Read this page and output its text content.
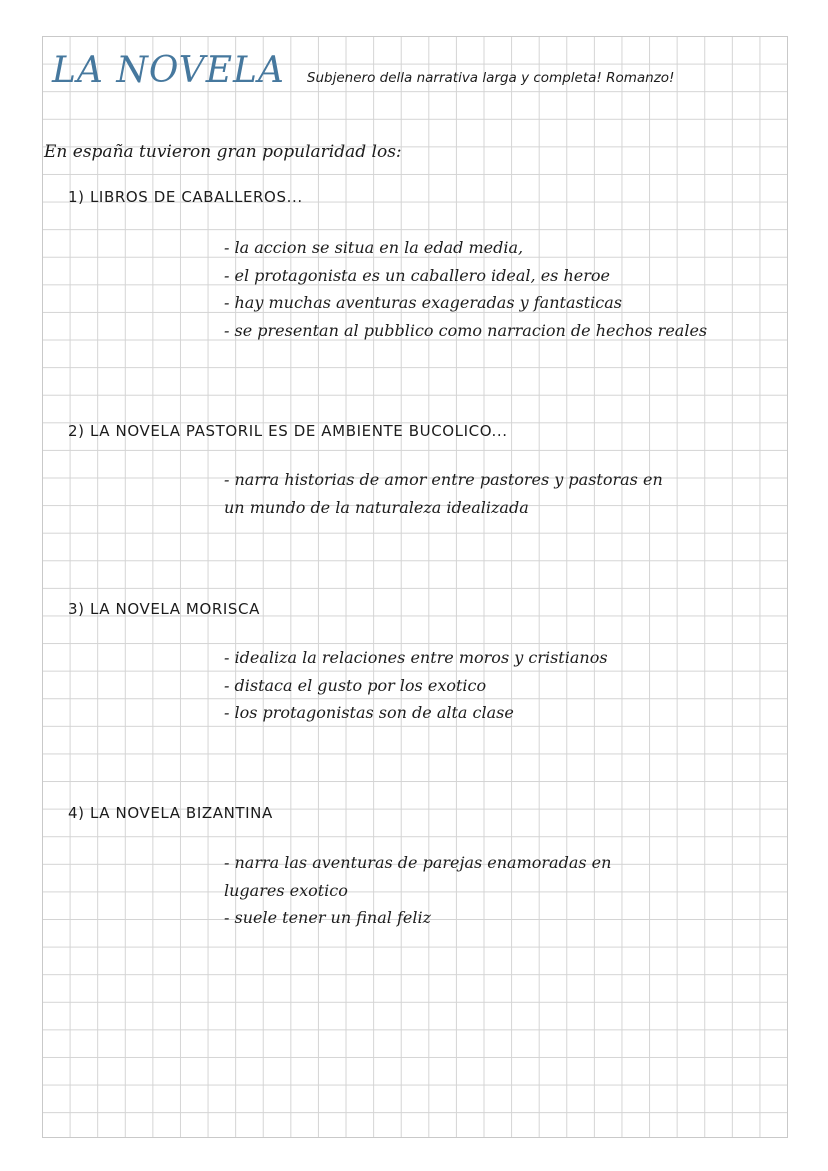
LA NOVELA Subjenero della narrativa larga y completa! Romanzo!
En españa tuvieron gran popularidad los:
1) LIBROS DE CABALLEROS...
- la accion se situa en la edad media,
- el protagonista es un caballero ideal, es heroe
- hay muchas aventuras exageradas y fantasticas
- se presentan al pubblico como narracion de hechos reales
2) LA NOVELA PASTORIL ES DE AMBIENTE BUCOLICO...
- narra historias de amor entre pastores y pastoras en
un mundo de la naturaleza idealizada
3) LA NOVELA MORISCA
- idealiza la relaciones entre moros y cristianos
- distaca el gusto por los exotico
- los protagonistas son de alta clase
4) LA NOVELA BIZANTINA
- narra las aventuras de parejas enamoradas en
lugares exotico
- suele tener un final feliz
